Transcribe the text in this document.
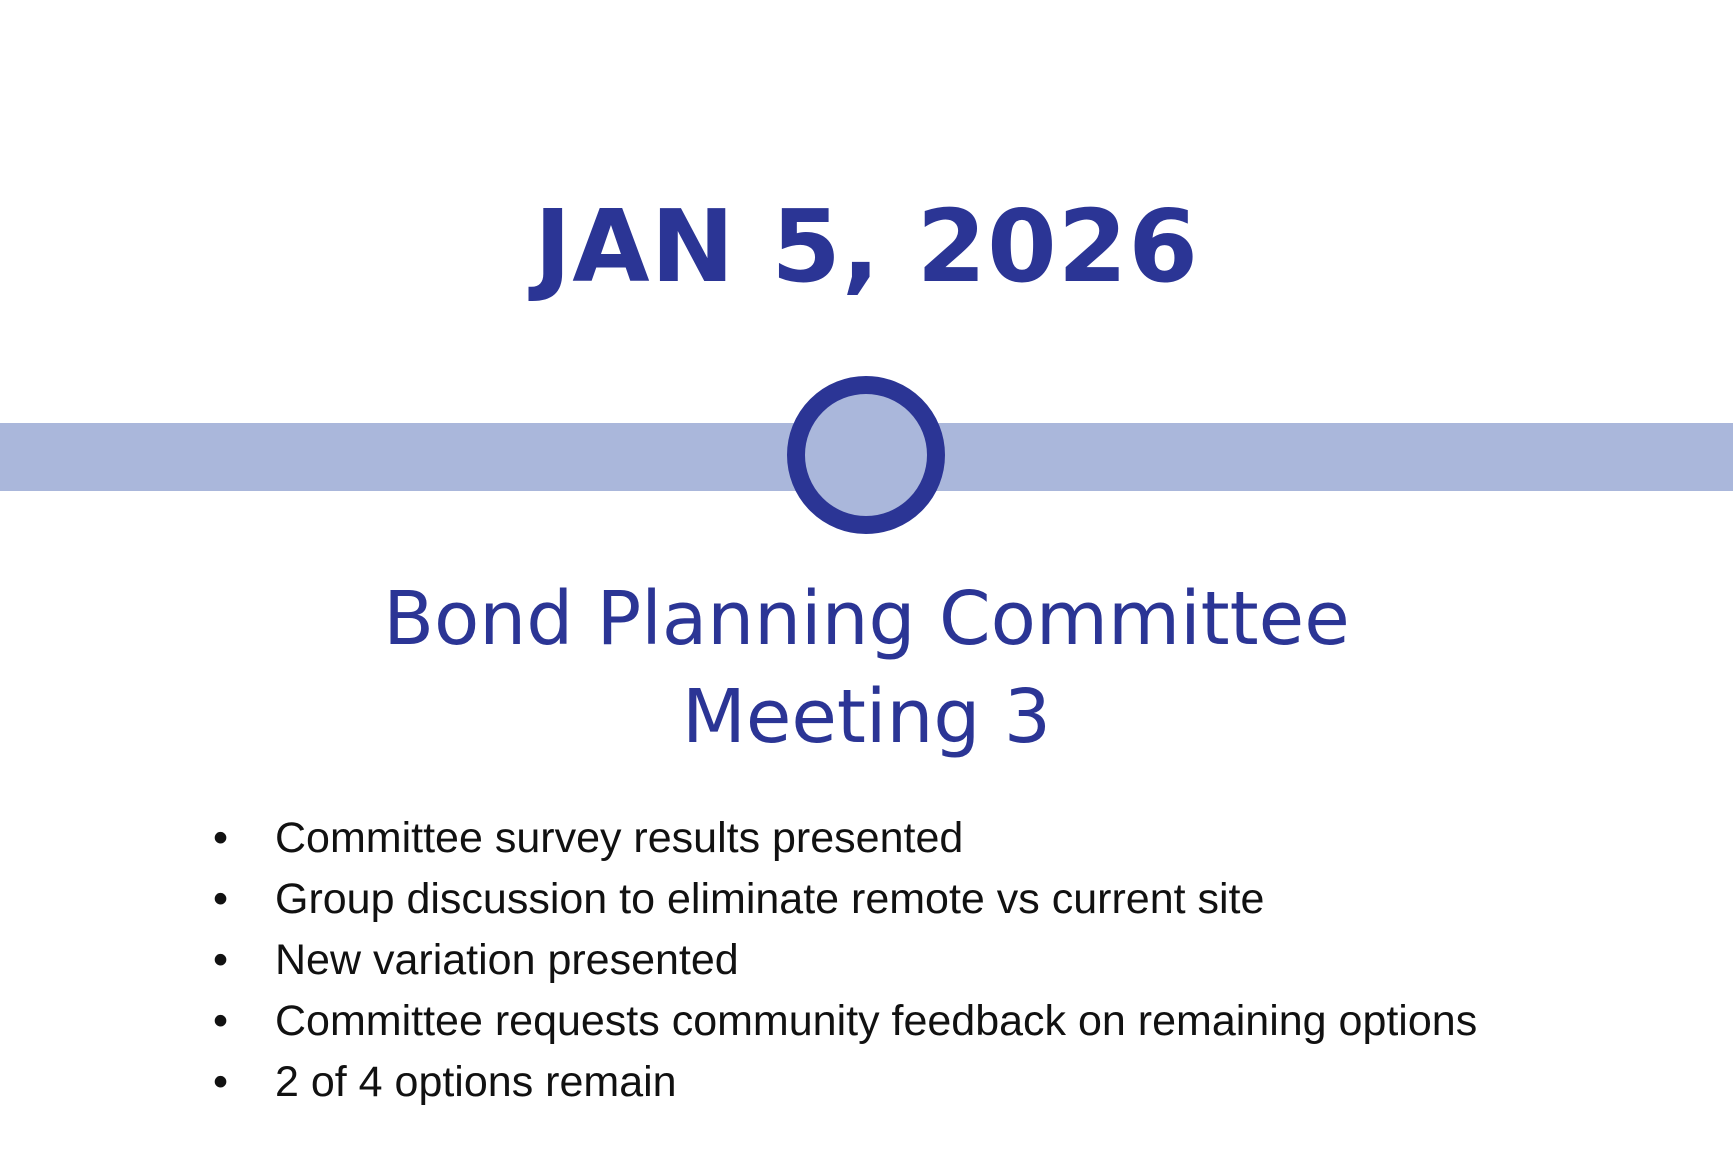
JAN 5, 2026
Bond Planning Committee
Meeting 3
• Committee survey results presented
• Group discussion to eliminate remote vs current site
• New variation presented
• Committee requests community feedback on remaining options
• 2 of 4 options remain
